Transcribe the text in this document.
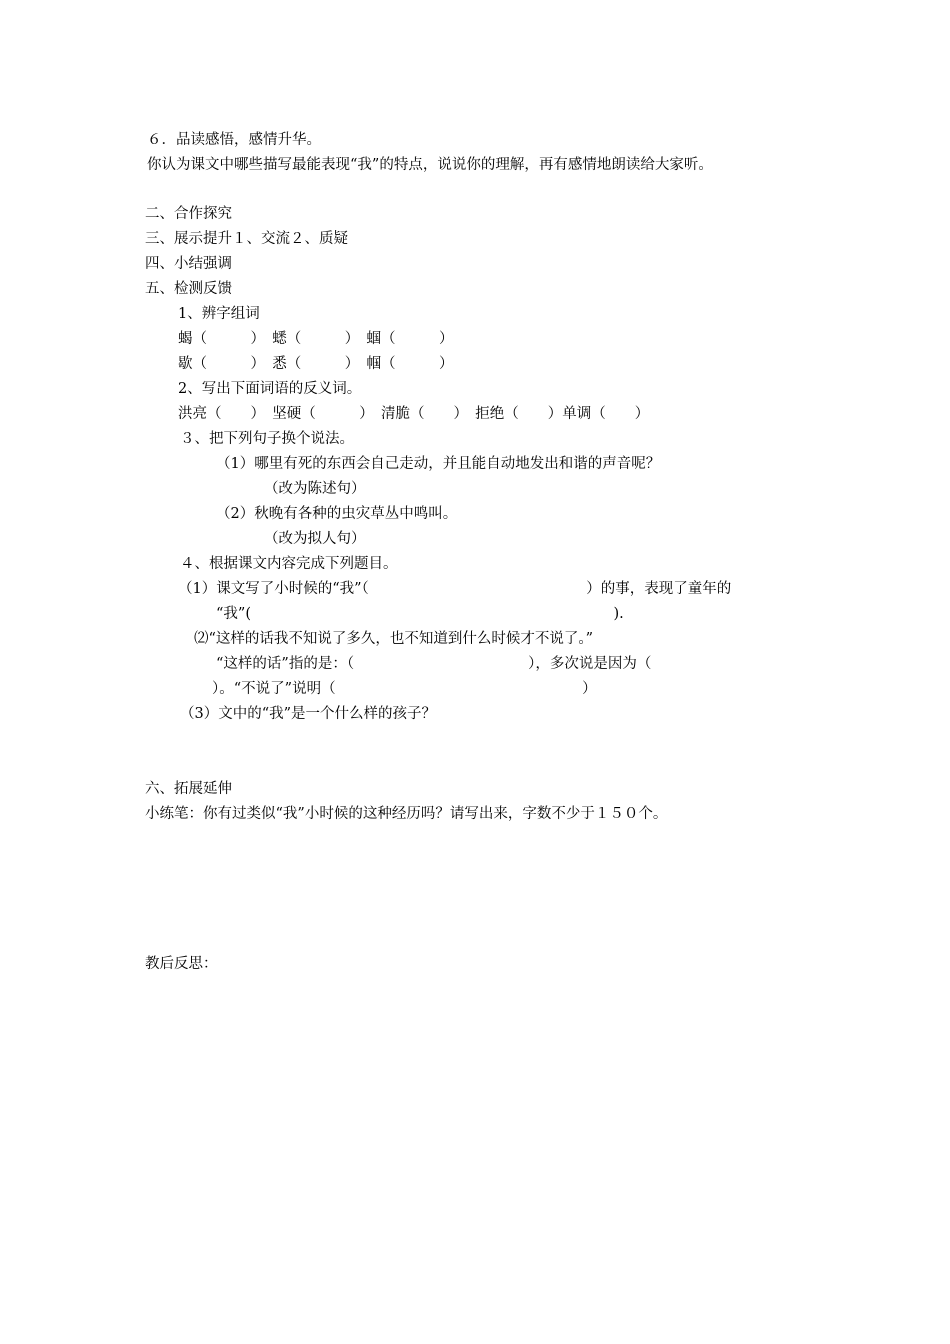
６．品读感悟，感情升华。

你认为课文中哪些描写最能表现“我”的特点，说说你的理解，再有感情地朗读给大家听。

二、合作探究

三、展示提升１、交流２、质疑

四、小结强调

五、检测反馈

1、辨字组词

蝎（　　　）　蟋（　　　）　蝈（　　　）

歇（　　　）　悉（　　　）　帼（　　　）

2、写出下面词语的反义词。

洪亮（　　）　坚硬（　　　）　清脆（　　）　拒绝（　　）单调（　　）

３、把下列句子换个说法。

（1）哪里有死的东西会自己走动，并且能自动地发出和谐的声音呢？

（改为陈述句）

（2）秋晚有各种的虫灾草丛中鸣叫。

（改为拟人句）

４、根据课文内容完成下列题目。

（1）课文写了小时候的“我”（　　　　　　　　　　　　　　　）的事，表现了童年的

“我”(　　　　　　　　　　　　　　　　　　　　　　　　　).

⑵“这样的话我不知说了多久，也不知道到什么时候才不说了。”

“这样的话”指的是：（　　　　　　　　　　　　），多次说是因为（

）。“不说了”说明（　　　　　　　　　　　　　　　　　）

（3）文中的“我”是一个什么样的孩子？

六、拓展延伸

小练笔：你有过类似“我”小时候的这种经历吗？请写出来，字数不少于１５０个。

教后反思：
